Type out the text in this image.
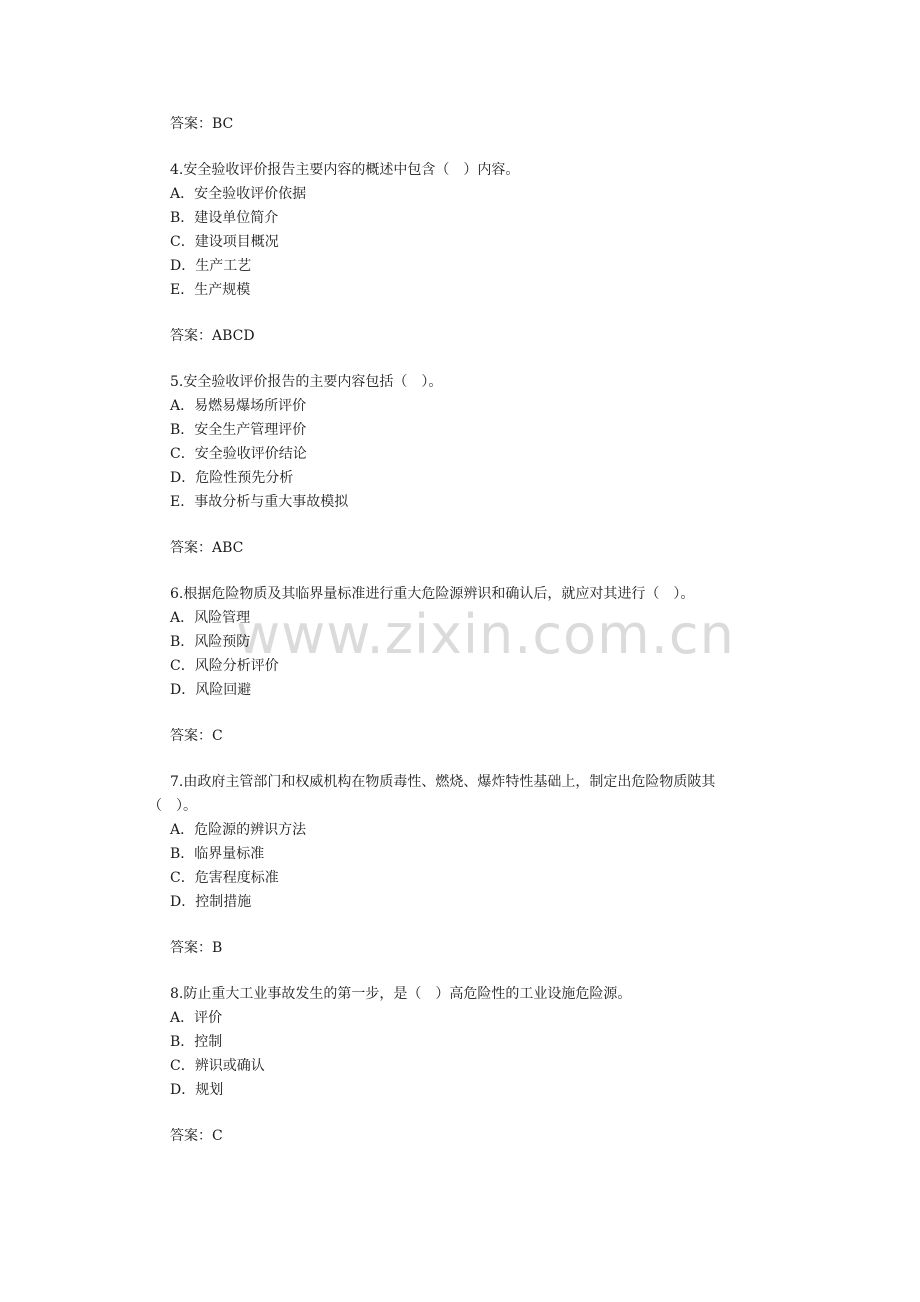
www.zixin.com.cn
答案：BC
4.安全验收评价报告主要内容的概述中包含（　）内容。
A．安全验收评价依据
B．建设单位简介
C．建设项目概况
D．生产工艺
E．生产规模
答案：ABCD
5.安全验收评价报告的主要内容包括（　）。
A．易燃易爆场所评价
B．安全生产管理评价
C．安全验收评价结论
D．危险性预先分析
E．事故分析与重大事故模拟
答案：ABC
6.根据危险物质及其临界量标准进行重大危险源辨识和确认后，就应对其进行（　）。
A．风险管理
B．风险预防
C．风险分析评价
D．风险回避
答案：C
7.由政府主管部门和权威机构在物质毒性、燃烧、爆炸特性基础上，制定出危险物质陂其
（　）。
A．危险源的辨识方法
B．临界量标准
C．危害程度标准
D．控制措施
答案：B
8.防止重大工业事故发生的第一步，是（　）高危险性的工业设施危险源。
A．评价
B．控制
C．辨识或确认
D．规划
答案：C
